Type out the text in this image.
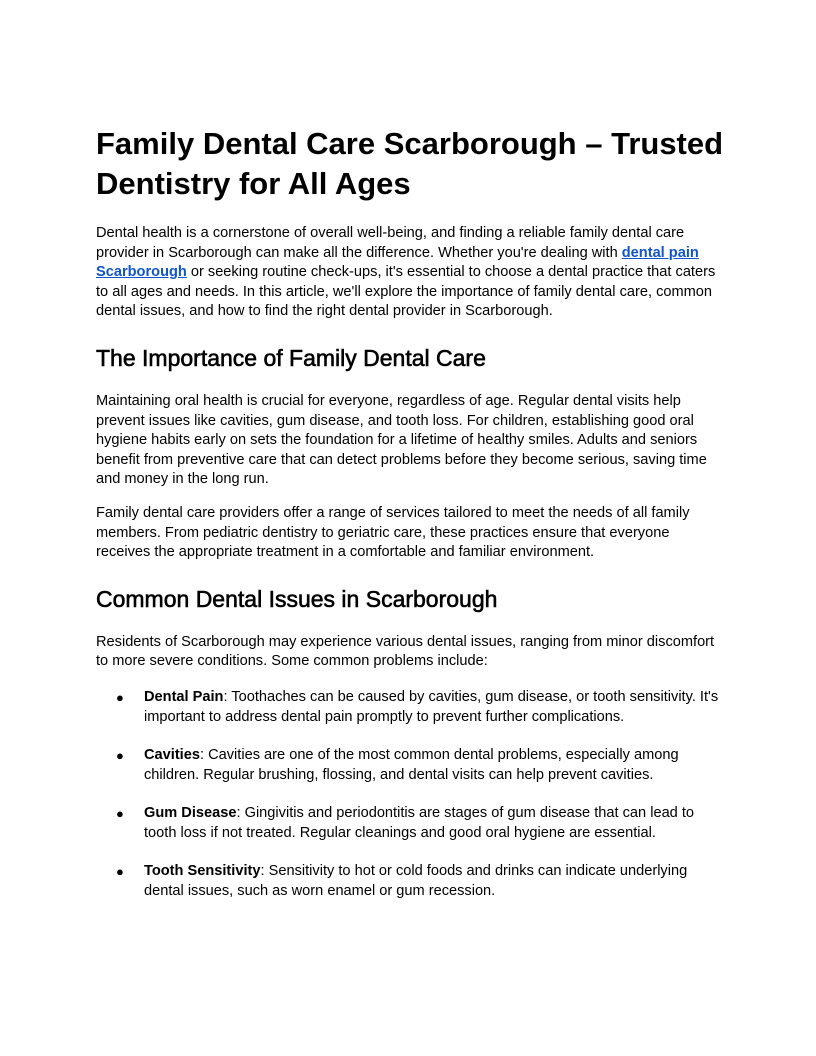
Family Dental Care Scarborough – Trusted Dentistry for All Ages

Dental health is a cornerstone of overall well-being, and finding a reliable family dental care provider in Scarborough can make all the difference. Whether you're dealing with dental pain Scarborough or seeking routine check-ups, it's essential to choose a dental practice that caters to all ages and needs. In this article, we'll explore the importance of family dental care, common dental issues, and how to find the right dental provider in Scarborough.

The Importance of Family Dental Care

Maintaining oral health is crucial for everyone, regardless of age. Regular dental visits help prevent issues like cavities, gum disease, and tooth loss. For children, establishing good oral hygiene habits early on sets the foundation for a lifetime of healthy smiles. Adults and seniors benefit from preventive care that can detect problems before they become serious, saving time and money in the long run.

Family dental care providers offer a range of services tailored to meet the needs of all family members. From pediatric dentistry to geriatric care, these practices ensure that everyone receives the appropriate treatment in a comfortable and familiar environment.

Common Dental Issues in Scarborough

Residents of Scarborough may experience various dental issues, ranging from minor discomfort to more severe conditions. Some common problems include:

● Dental Pain: Toothaches can be caused by cavities, gum disease, or tooth sensitivity. It's important to address dental pain promptly to prevent further complications.
● Cavities: Cavities are one of the most common dental problems, especially among children. Regular brushing, flossing, and dental visits can help prevent cavities.
● Gum Disease: Gingivitis and periodontitis are stages of gum disease that can lead to tooth loss if not treated. Regular cleanings and good oral hygiene are essential.
● Tooth Sensitivity: Sensitivity to hot or cold foods and drinks can indicate underlying dental issues, such as worn enamel or gum recession.
